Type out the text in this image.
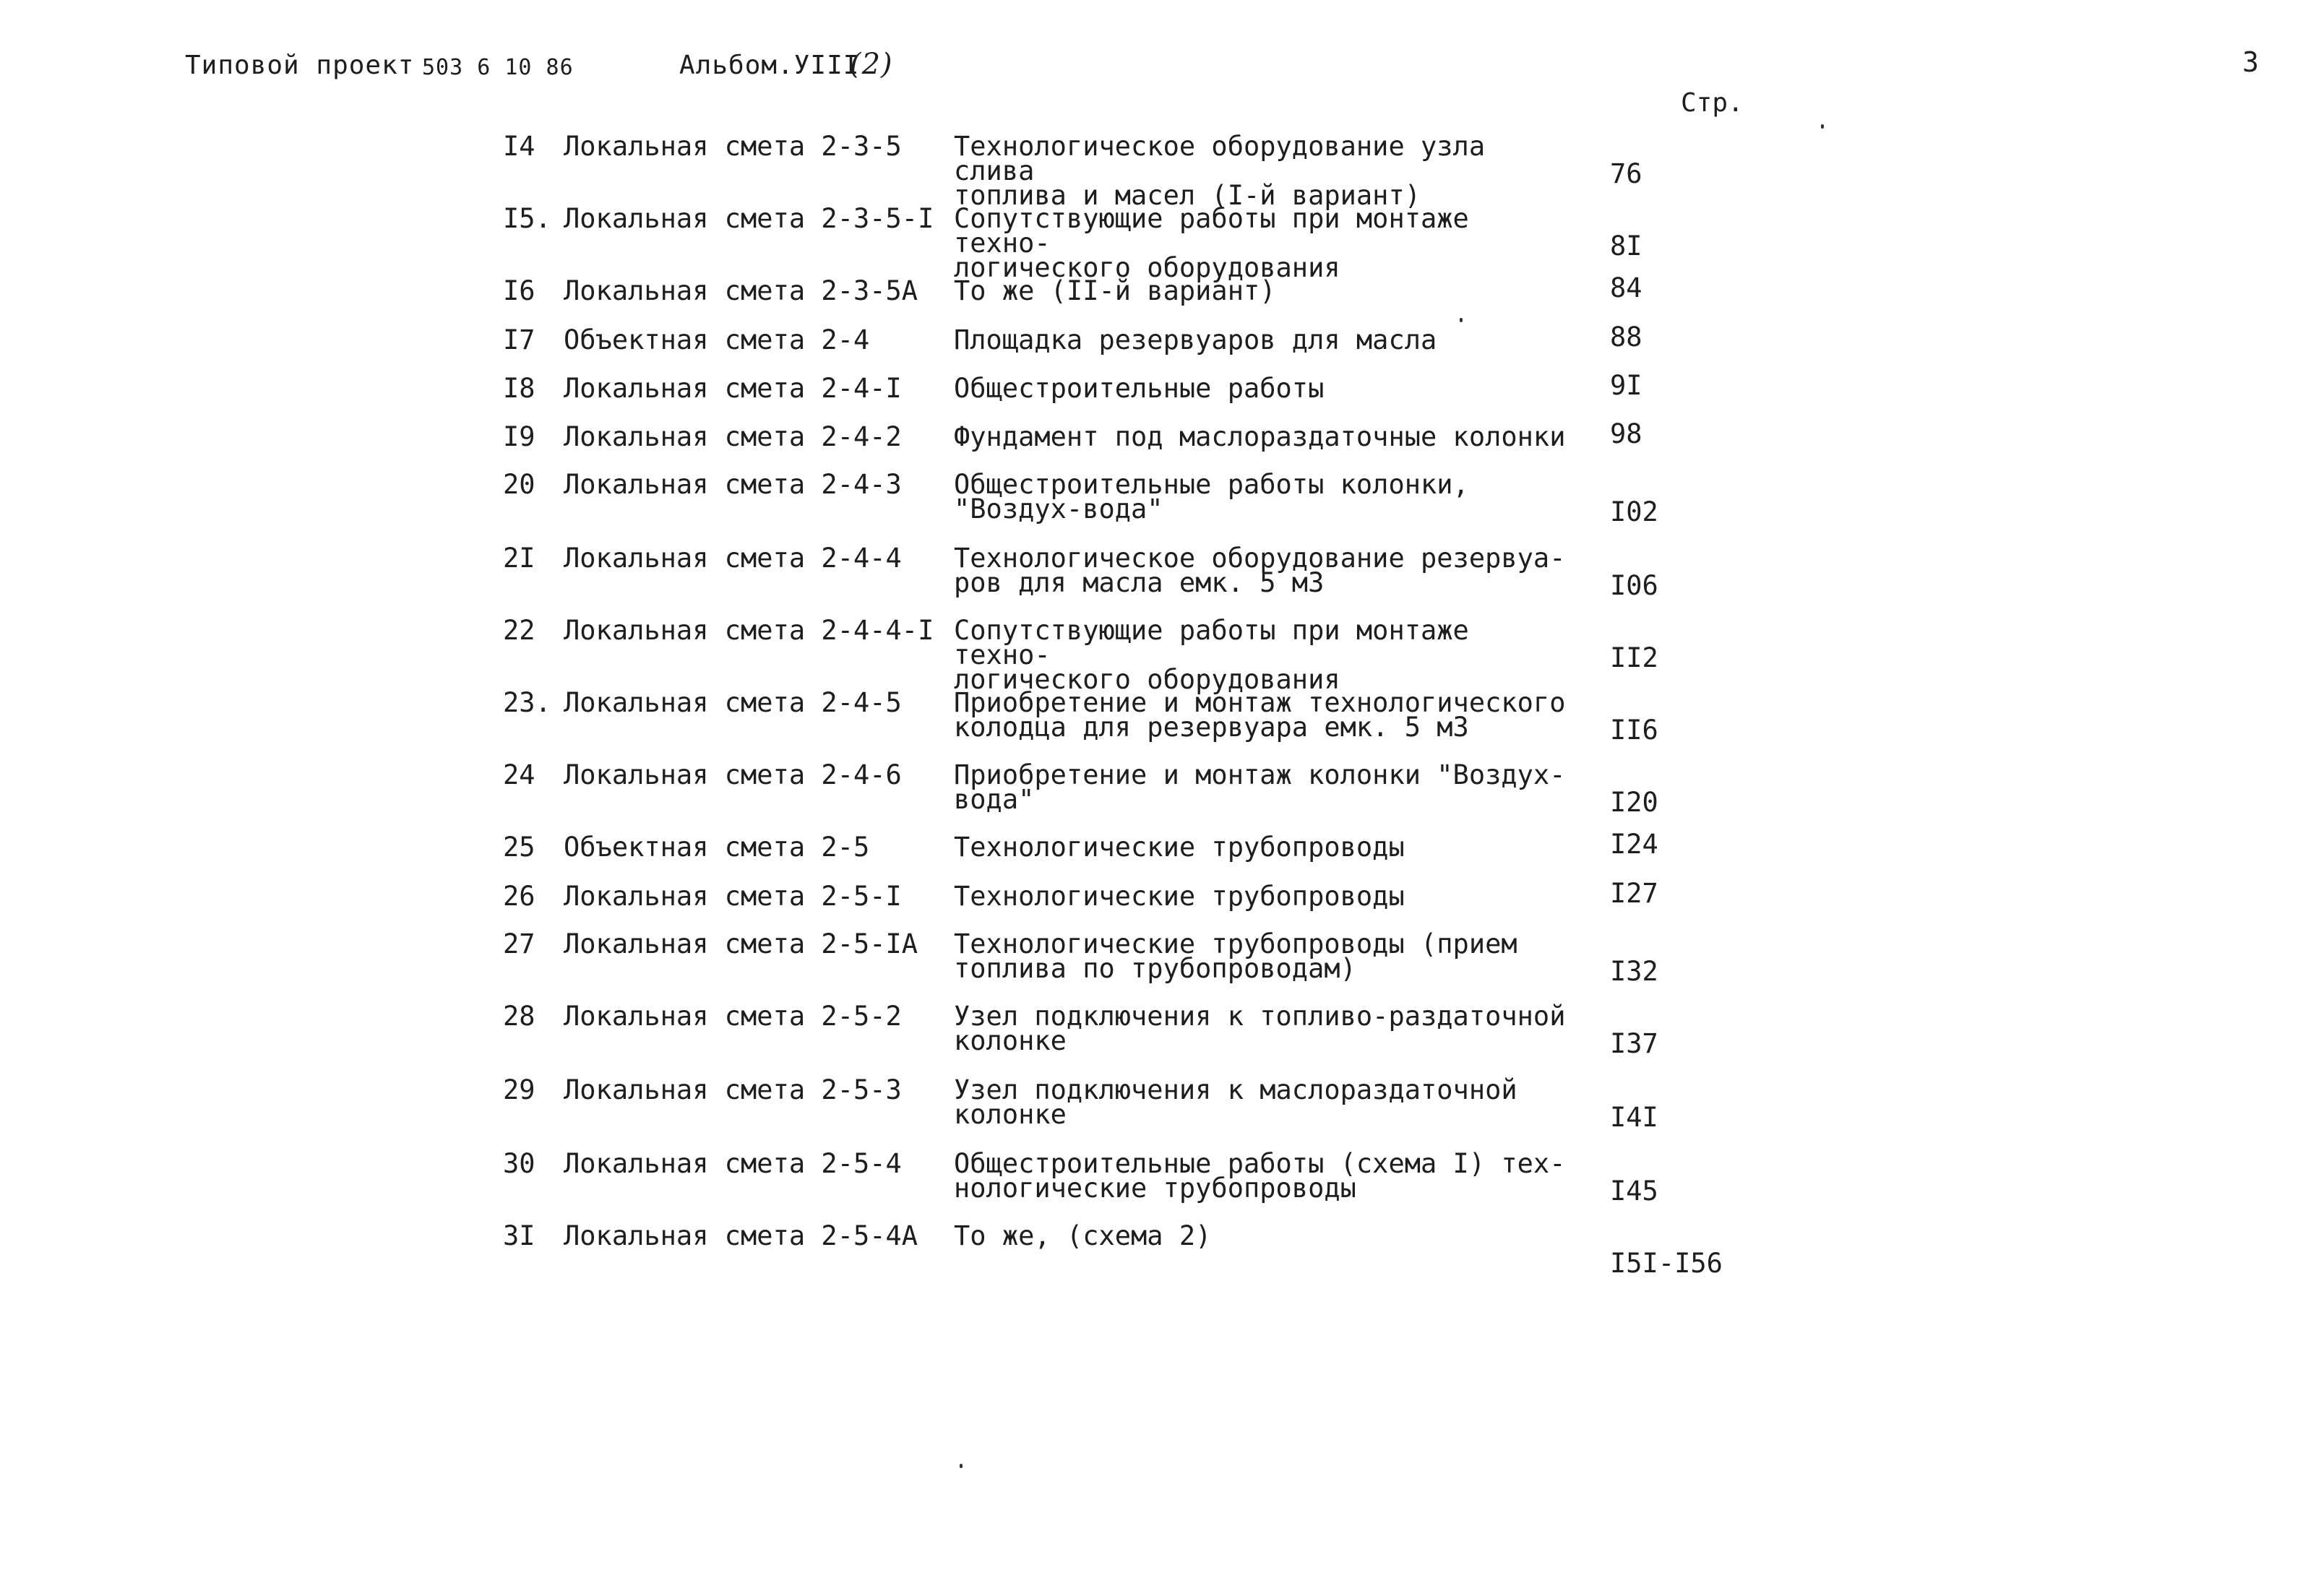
Типовой проект 503 6 10 86	Альбом.УIII
(2)	3
Стр.
I4	Локальная смета 2-3-5	Технологическое оборудование узла слива
топлива и масел (I-й вариант)
76
I5. Локальная смета 2-3-5-I Сопутствующие работы при монтаже техно-
логического оборудования
8I
I6	Локальная смета 2-3-5А	То же (II-й вариант)	84
I7	Объектная смета 2-4	Площадка резервуаров для масла	88
I8	Локальная смета 2-4-I	Общестроительные работы	9I
I9	Локальная смета 2-4-2	Фундамент под маслораздаточные колонки	98
20	Локальная смета 2-4-3	Общестроительные работы колонки,
"Воздух-вода"	I02
2I	Локальная смета 2-4-4	Технологическое оборудование резервуа-
ров для масла емк. 5 м3	I06
22	Локальная смета 2-4-4-I Сопутствующие работы при монтаже техно-
логического оборудования
II2
23. Локальная смета 2-4-5	Приобретение и монтаж технологического
колодца для резервуара емк. 5 м3	II6
24	Локальная смета 2-4-6	Приобретение и монтаж колонки "Воздух-
вода"	I20
25	Объектная смета 2-5	Технологические трубопроводы	I24
26	Локальная смета 2-5-I	Технологические трубопроводы	I27
27	Локальная смета 2-5-IА	Технологические трубопроводы (прием
топлива по трубопроводам)	I32
28	Локальная смета 2-5-2	Узел подключения к топливо-раздаточной
колонке	I37
29	Локальная смета 2-5-3	Узел подключения к маслораздаточной
колонке	I4I
30	Локальная смета 2-5-4	Общестроительные работы (схема I) тех-
нологические трубопроводы	I45
3I	Локальная смета 2-5-4А	То же, (схема 2)
I5I-I56
